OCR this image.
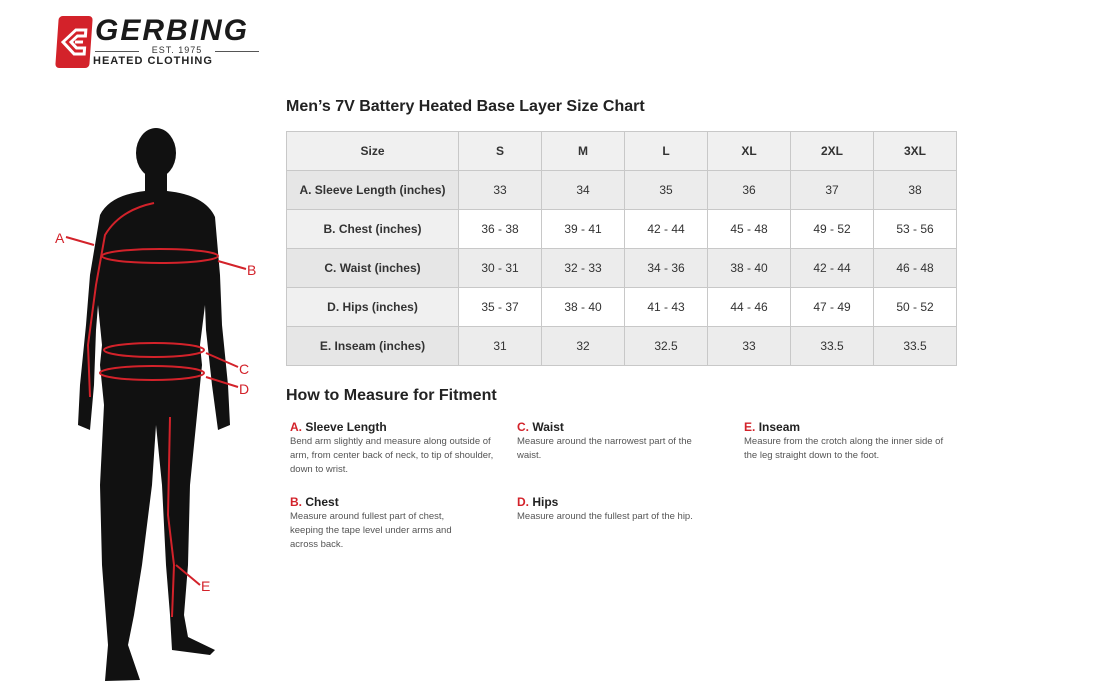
GERBING
EST. 1975
HEATED CLOTHING
A
B
C
D
E
Men’s 7V Battery Heated Base Layer Size Chart
Size	S	M	L	XL	2XL	3XL
A. Sleeve Length (inches)	33	34	35	36	37	38
B. Chest (inches)	36 - 38	39 - 41	42 - 44	45 - 48	49 - 52	53 - 56
C. Waist (inches)	30 - 31	32 - 33	34 - 36	38 - 40	42 - 44	46 - 48
D. Hips (inches)	35 - 37	38 - 40	41 - 43	44 - 46	47 - 49	50 - 52
E. Inseam (inches)	31	32	32.5	33	33.5	33.5
How to Measure for Fitment
A. Sleeve Length
Bend arm slightly and measure along outside of arm, from center back of neck, to tip of shoulder, down to wrist.
B. Chest
Measure around fullest part of chest, keeping the tape level under arms and across back.
C. Waist
Measure around the narrowest part of the waist.
D. Hips
Measure around the fullest part of the hip.
E. Inseam
Measure from the crotch along the inner side of the leg straight down to the foot.
